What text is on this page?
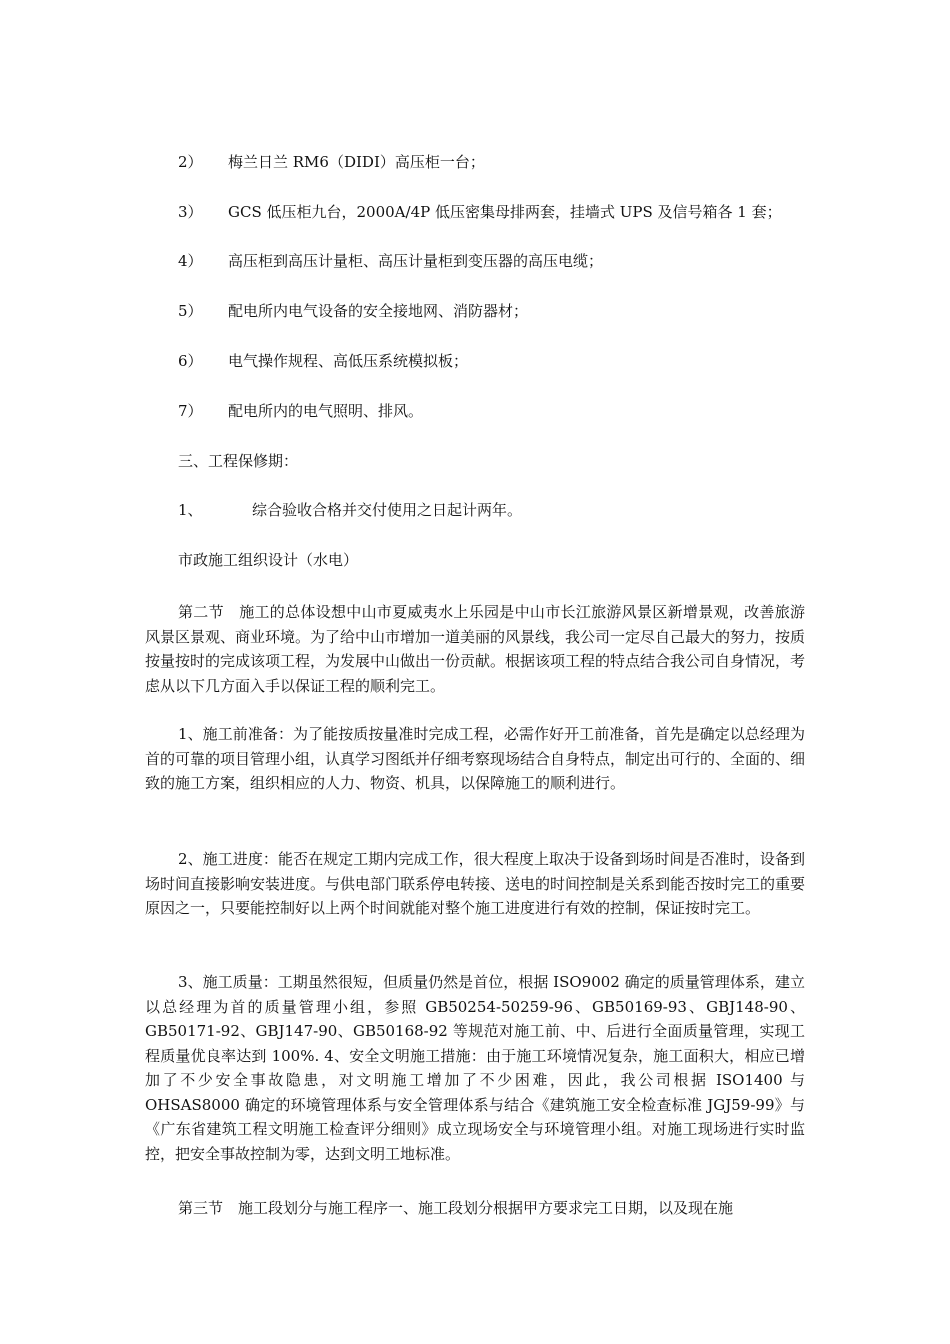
2） 梅兰日兰 RM6（DIDI）高压柜一台；
3） GCS 低压柜九台，2000A/4P 低压密集母排两套，挂墙式 UPS 及信号箱各 1 套；
4） 高压柜到高压计量柜、高压计量柜到变压器的高压电缆；
5） 配电所内电气设备的安全接地网、消防器材；
6） 电气操作规程、高低压系统模拟板；
7） 配电所内的电气照明、排风。
三、工程保修期：
1、	综合验收合格并交付使用之日起计两年。
市政施工组织设计（水电）

第二节　施工的总体设想中山市夏威夷水上乐园是中山市长江旅游风景区新增景观，改善旅游风景区景观、商业环境。为了给中山市增加一道美丽的风景线，我公司一定尽自己最大的努力，按质按量按时的完成该项工程，为发展中山做出一份贡献。根据该项工程的特点结合我公司自身情况，考虑从以下几方面入手以保证工程的顺利完工。

1、施工前准备：为了能按质按量准时完成工程，必需作好开工前准备，首先是确定以总经理为首的可靠的项目管理小组，认真学习图纸并仔细考察现场结合自身特点，制定出可行的、全面的、细致的施工方案，组织相应的人力、物资、机具，以保障施工的顺利进行。

2、施工进度：能否在规定工期内完成工作，很大程度上取决于设备到场时间是否准时，设备到场时间直接影响安装进度。与供电部门联系停电转接、送电的时间控制是关系到能否按时完工的重要原因之一，只要能控制好以上两个时间就能对整个施工进度进行有效的控制，保证按时完工。

3、施工质量：工期虽然很短，但质量仍然是首位，根据 ISO9002 确定的质量管理体系，建立以总经理为首的质量管理小组，参照 GB50254-50259-96、GB50169-93、GBJ148-90、GB50171-92、GBJ147-90、GB50168-92 等规范对施工前、中、后进行全面质量管理，实现工程质量优良率达到 100%. 4、安全文明施工措施：由于施工环境情况复杂，施工面积大，相应已增加了不少安全事故隐患，对文明施工增加了不少困难，因此，我公司根据 ISO1400 与 OHSAS8000 确定的环境管理体系与安全管理体系与结合《建筑施工安全检查标准 JGJ59-99》与《广东省建筑工程文明施工检查评分细则》成立现场安全与环境管理小组。对施工现场进行实时监控，把安全事故控制为零，达到文明工地标准。

第三节　施工段划分与施工程序一、施工段划分根据甲方要求完工日期，以及现在施
